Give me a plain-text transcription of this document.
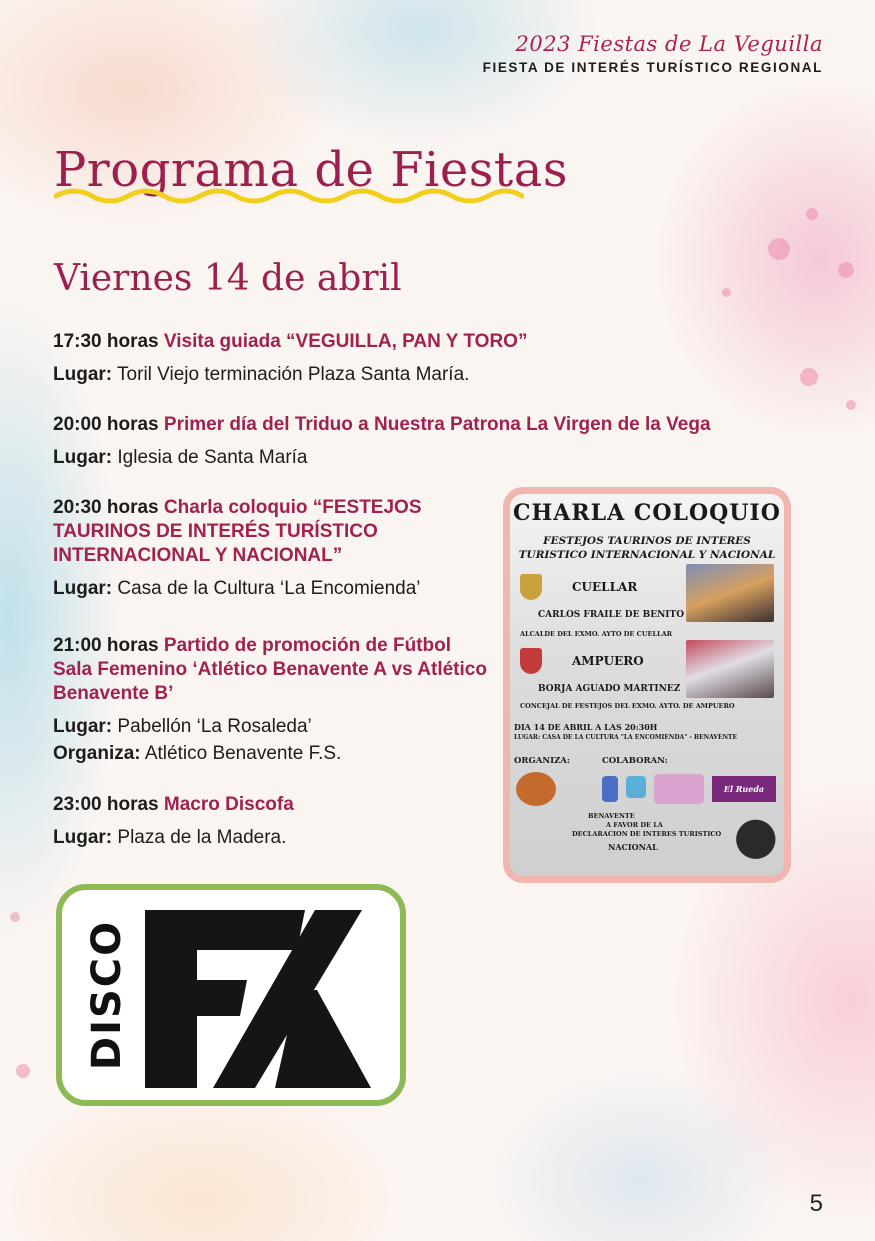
2023 Fiestas de La Veguilla
FIESTA DE INTERÉS TURÍSTICO REGIONAL
Programa de Fiestas
Viernes 14 de abril

17:30 horas Visita guiada “VEGUILLA, PAN Y TORO”

Lugar: Toril Viejo terminación Plaza Santa María.

20:00 horas Primer día del Triduo a Nuestra Patrona La Virgen de la Vega

Lugar: Iglesia de Santa María

20:30 horas Charla coloquio “FESTEJOS TAURINOS DE INTERÉS TURÍSTICO INTERNACIONAL Y NACIONAL”

Lugar: Casa de la Cultura ‘La Encomienda’

21:00 horas Partido de promoción de Fútbol Sala Femenino ‘Atlético Benavente A vs Atlético Benavente B’

Lugar: Pabellón ‘La Rosaleda’

Organiza: Atlético Benavente F.S.

23:00 horas Macro Discofa

Lugar: Plaza de la Madera.

CHARLA COLOQUIO
FESTEJOS TAURINOS DE INTERES
TURISTICO INTERNACIONAL Y NACIONAL
CUELLAR
CARLOS FRAILE DE BENITO
ALCALDE DEL EXMO. AYTO DE CUELLAR
AMPUERO
BORJA AGUADO MARTINEZ
CONCEJAL DE FESTEJOS DEL EXMO. AYTO. DE AMPUERO
DIA 14 DE ABRIL A LAS 20:30H
LUGAR: CASA DE LA CULTURA "LA ENCOMIENDA" - BENAVENTE
ORGANIZA:	COLABORAN:
El Rueda
BENAVENTE
A FAVOR DE LA
DECLARACION DE INTERES TURISTICO
NACIONAL
DISCO
5
